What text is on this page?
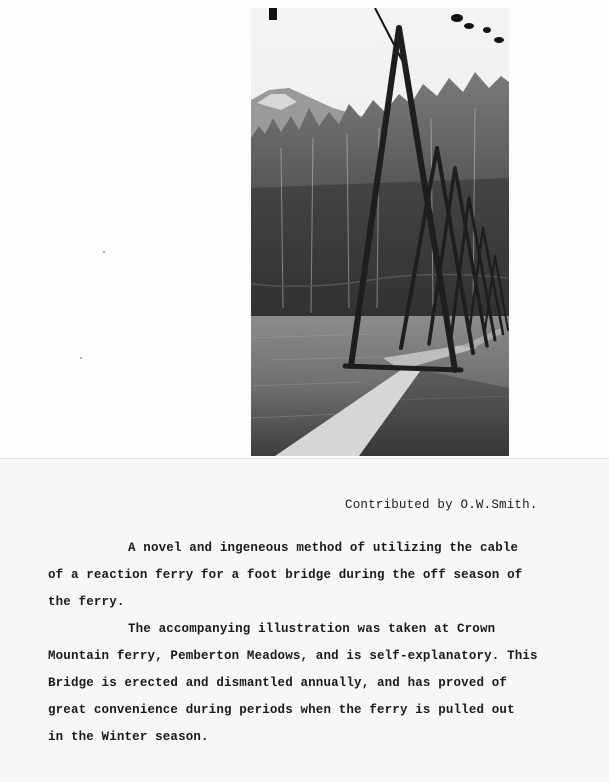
Contributed by O.W.Smith.
A novel and ingeneous method of utilizing the cable
of a reaction ferry for a foot bridge during the off season of
the ferry.
The accompanying illustration was taken at Crown
Mountain ferry, Pemberton Meadows, and is self-explanatory. This
Bridge is erected and dismantled annually, and has proved of
great convenience during periods when the ferry is pulled out
in the Winter season.
